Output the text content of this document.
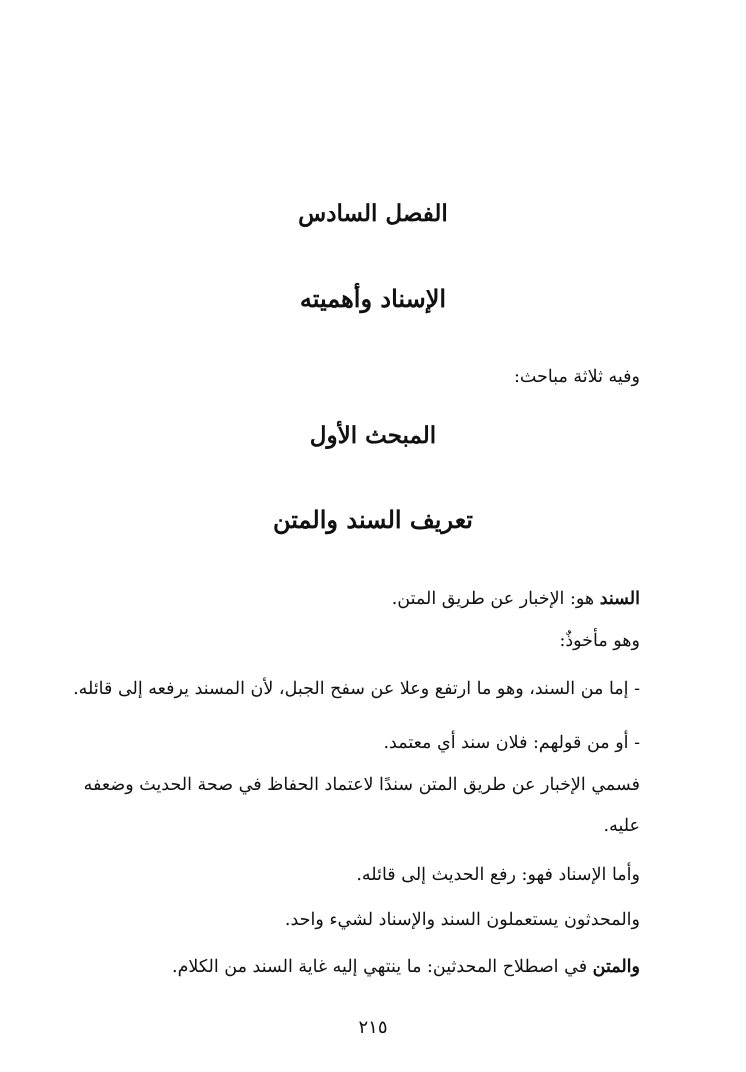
الفصل السادس
الإسناد وأهميته
وفيه ثلاثة مباحث:
المبحث الأول
تعريف السند والمتن
السند هو: الإخبار عن طريق المتن.
وهو مأخوذٌ:
- إما من السند، وهو ما ارتفع وعلا عن سفح الجبل، لأن المسند يرفعه إلى قائله.
- أو من قولهم: فلان سند أي معتمد.
فسمي الإخبار عن طريق المتن سندًا لاعتماد الحفاظ في صحة الحديث وضعفه
عليه.
وأما الإسناد فهو: رفع الحديث إلى قائله.
والمحدثون يستعملون السند والإسناد لشيء واحد.
والمتن في اصطلاح المحدثين: ما ينتهي إليه غاية السند من الكلام.
٢١٥
